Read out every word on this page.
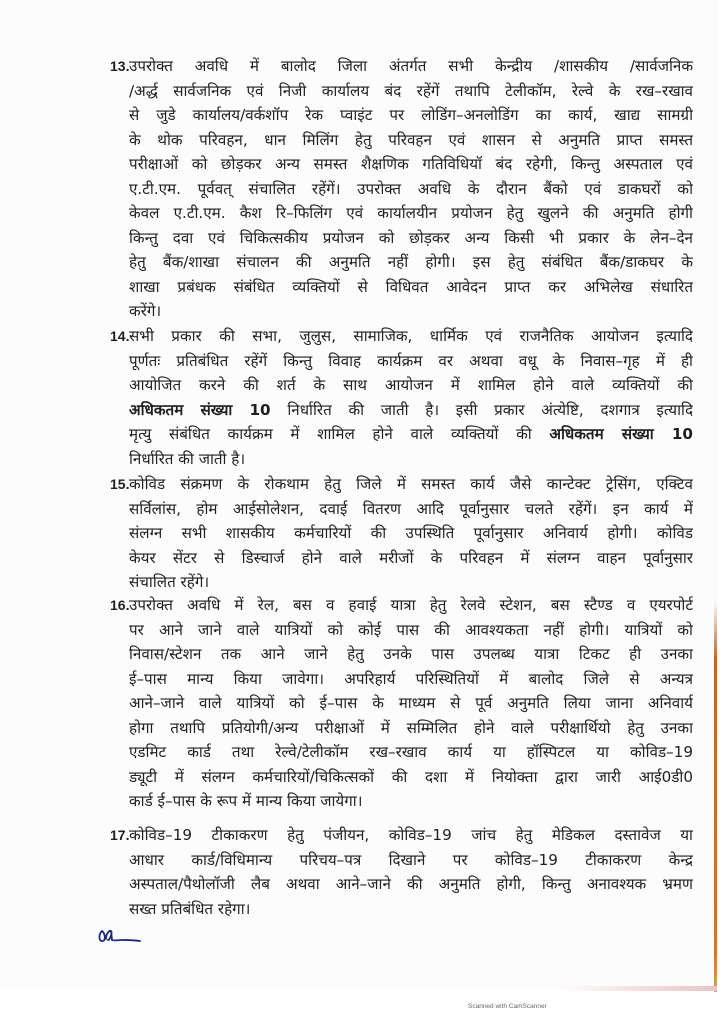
13. उपरोक्त अवधि में बालोद जिला अंतर्गत सभी केन्द्रीय /शासकीय /सार्वजनिक
/अर्द्ध सार्वजनिक एवं निजी कार्यालय बंद रहेंगें तथापि टेलीकॉम, रेल्वे के रख–रखाव
से जुडे कार्यालय/वर्कशॉप रेक प्वाइंट पर लोडिंग–अनलोडिंग का कार्य, खाद्य सामग्री
के थोक परिवहन, धान मिलिंग हेतु परिवहन एवं शासन से अनुमति प्राप्त समस्त
परीक्षाओं को छोड़कर अन्य समस्त शैक्षणिक गतिविधियॉ बंद रहेगी, किन्तु अस्पताल एवं
ए.टी.एम. पूर्ववत् संचालित रहेंगें। उपरोक्त अवधि के दौरान बैंको एवं डाकघरों को
केवल ए.टी.एम. कैश रि–फिलिंग एवं कार्यालयीन प्रयोजन हेतु खुलने की अनुमति होगी
किन्तु दवा एवं चिकित्सकीय प्रयोजन को छोड़कर अन्य किसी भी प्रकार के लेन–देन
हेतु बैंक/शाखा संचालन की अनुमति नहीं होगी। इस हेतु संबंधित बैंक/डाकघर के
शाखा प्रबंधक संबंधित व्यक्तियों से विधिवत आवेदन प्राप्त कर अभिलेख संधारित
करेंगे।
14. सभी प्रकार की सभा, जुलुस, सामाजिक, धार्मिक एवं राजनैतिक आयोजन इत्यादि
पूर्णतः प्रतिबंधित रहेंगें किन्तु विवाह कार्यक्रम वर अथवा वधू के निवास–गृह में ही
आयोजित करने की शर्त के साथ आयोजन में शामिल होने वाले व्यक्तियों की
अधिकतम संख्या 10 निर्धारित की जाती है। इसी प्रकार अंत्येष्टि, दशगात्र इत्यादि
मृत्यु संबंधित कार्यक्रम में शामिल होने वाले व्यक्तियों की अधिकतम संख्या 10
निर्धारित की जाती है।
15. कोविड संक्रमण के रोकथाम हेतु जिले में समस्त कार्य जैसे कान्टेक्ट ट्रेसिंग, एक्टिव
सर्विलांस, होम आईसोलेशन, दवाई वितरण आदि पूर्वानुसार चलते रहेंगें। इन कार्य में
संलग्न सभी शासकीय कर्मचारियों की उपस्थिति पूर्वानुसार अनिवार्य होगी। कोविड
केयर सेंटर से डिस्चार्ज होने वाले मरीजों के परिवहन में संलग्न वाहन पूर्वानुसार
संचालित रहेंगे।
16. उपरोक्त अवधि में रेल, बस व हवाई यात्रा हेतु रेलवे स्टेशन, बस स्टैण्ड व एयरपोर्ट
पर आने जाने वाले यात्रियों को कोई पास की आवश्यकता नहीं होगी। यात्रियों को
निवास/स्टेशन तक आने जाने हेतु उनके पास उपलब्ध यात्रा टिकट ही उनका
ई–पास मान्य किया जावेगा। अपरिहार्य परिस्थितियों में बालोद जिले से अन्यत्र
आने–जाने वाले यात्रियों को ई–पास के माध्यम से पूर्व अनुमति लिया जाना अनिवार्य
होगा तथापि प्रतियोगी/अन्य परीक्षाओं में सम्मिलित होने वाले परीक्षार्थियो हेतु उनका
एडमिट कार्ड तथा रेल्वे/टेलीकॉम रख–रखाव कार्य या हॉस्पिटल या कोविड–19
ड्यूटी में संलग्न कर्मचारियों/चिकित्सकों की दशा में नियोक्ता द्वारा जारी आई0डी0
कार्ड ई–पास के रूप में मान्य किया जायेगा।
17. कोविड–19 टीकाकरण हेतु पंजीयन, कोविड–19 जांच हेतु मेडिकल दस्तावेज या
आधार कार्ड/विधिमान्य परिचय–पत्र दिखाने पर कोविड–19 टीकाकरण केन्द्र
अस्पताल/पैथोलॉजी लैब अथवा आने–जाने की अनुमति होगी, किन्तु अनावश्यक भ्रमण
सख्त प्रतिबंधित रहेगा।
Scanned with CamScanner
